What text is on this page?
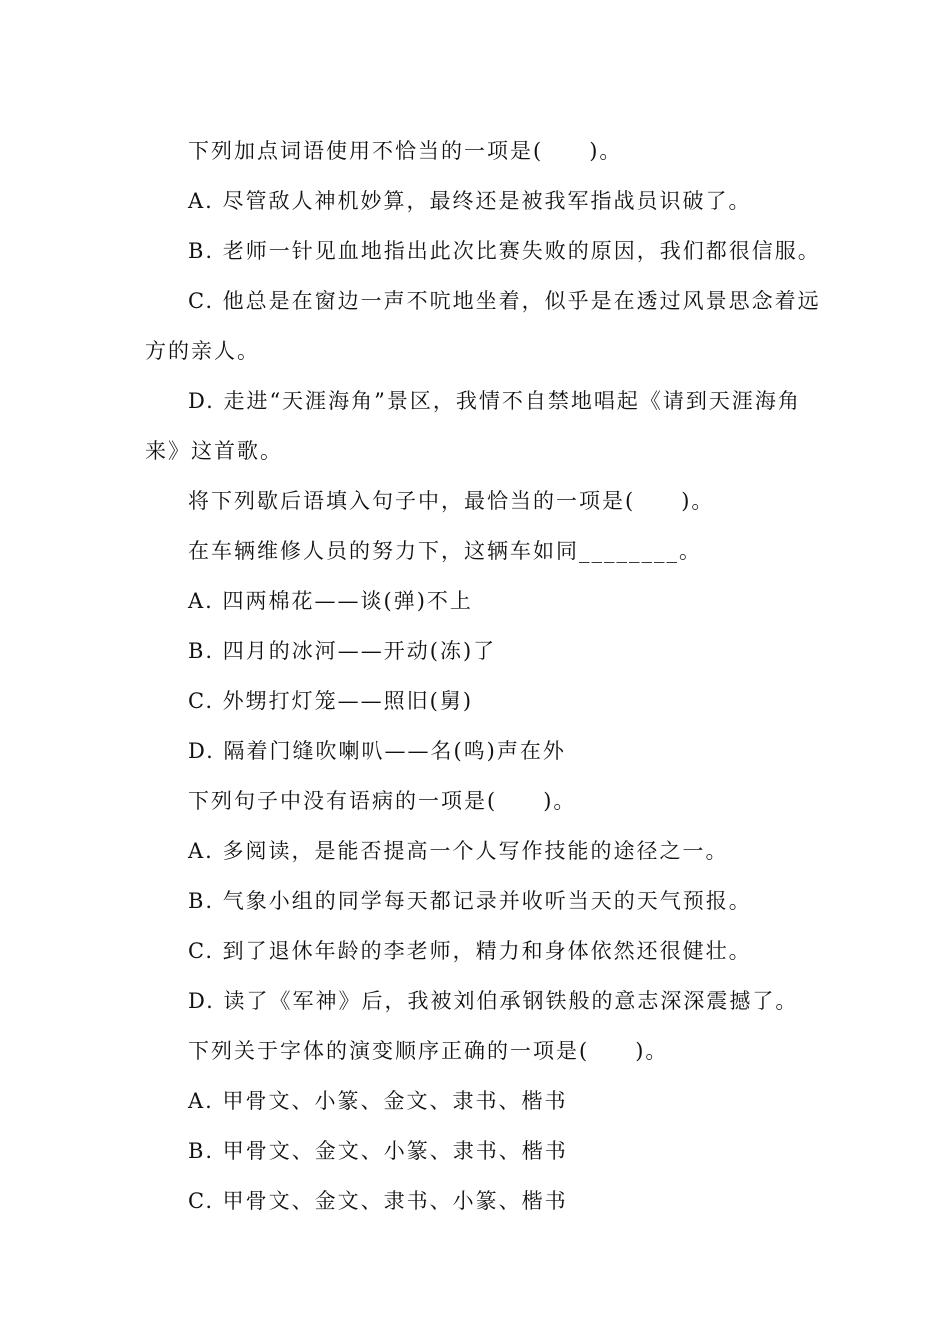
下列加点词语使用不恰当的一项是(　　)。
A. 尽管敌人神机妙算，最终还是被我军指战员识破了。
B. 老师一针见血地指出此次比赛失败的原因，我们都很信服。
C. 他总是在窗边一声不吭地坐着，似乎是在透过风景思念着远
方的亲人。
D. 走进“天涯海角”景区，我情不自禁地唱起《请到天涯海角
来》这首歌。
将下列歇后语填入句子中，最恰当的一项是(　　)。
在车辆维修人员的努力下，这辆车如同________。
A. 四两棉花——谈(弹)不上
B. 四月的冰河——开动(冻)了
C. 外甥打灯笼——照旧(舅)
D. 隔着门缝吹喇叭——名(鸣)声在外
下列句子中没有语病的一项是(　　)。
A. 多阅读，是能否提高一个人写作技能的途径之一。
B. 气象小组的同学每天都记录并收听当天的天气预报。
C. 到了退休年龄的李老师，精力和身体依然还很健壮。
D. 读了《军神》后，我被刘伯承钢铁般的意志深深震撼了。
下列关于字体的演变顺序正确的一项是(　　)。
A. 甲骨文、小篆、金文、隶书、楷书
B. 甲骨文、金文、小篆、隶书、楷书
C. 甲骨文、金文、隶书、小篆、楷书
